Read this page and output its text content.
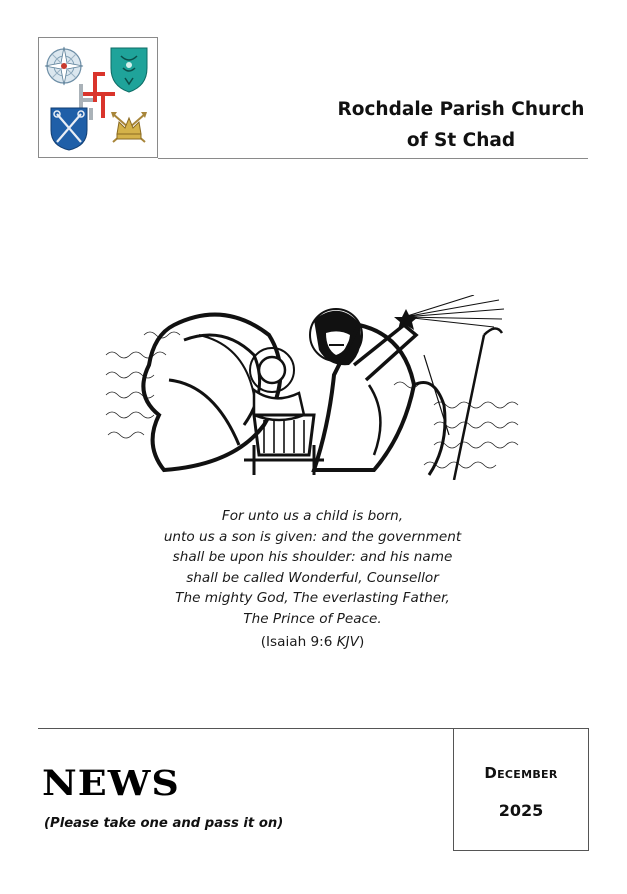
Rochdale Parish Church
of St Chad
For unto us a child is born,
unto us a son is given: and the government
shall be upon his shoulder: and his name
shall be called Wonderful, Counsellor
The mighty God, The everlasting Father,
The Prince of Peace.
(Isaiah 9:6 KJV)
NEWS
(Please take one and pass it on)
December
2025
